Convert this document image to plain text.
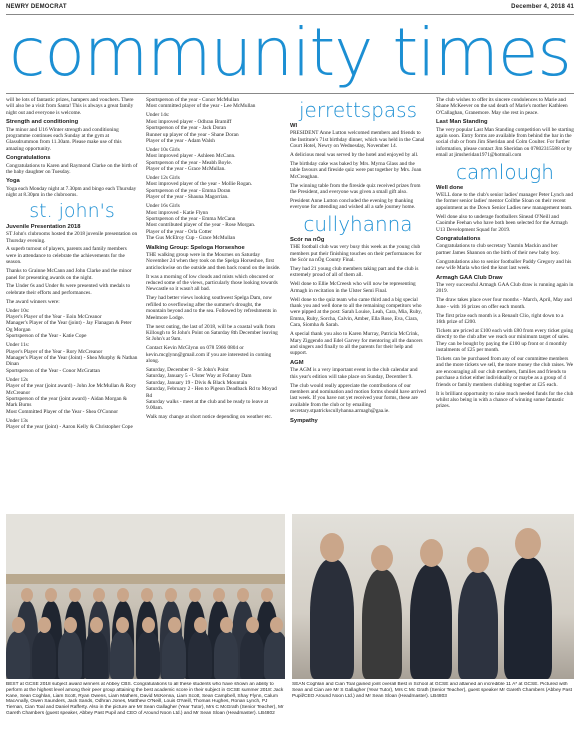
NEWRY DEMOCRAT	December 4, 2018 41
community times

will be lots of fantastic prizes, hampers and vouchers. There will also be a visit from Santa! This is always a great family night out and everyone is welcome.

Strength and conditioning

The minor and U16 Winter strength and conditioning programme continues each Sunday at the gym at Glassdrummon from 11.30am. Please make use of this amazing opportunity.

Congratulations

Congratulations to Karen and Raymond Clarke on the birth of the baby daughter on Tuesday.

Yoga

Yoga each Monday night at 7.30pm and bingo each Thursday night at 8.30pm in the clubrooms.

st. john's
Juvenile Presentation 2018

ST John's clubrooms hosted the 2018 juvenile presentation on Thursday evening.

A superb turnout of players, parents and family members were in attendance to celebrate the achievements for the season.

Thanks to Grainne McCann and John Clarke and the minor panel for presenting awards on the night.

The Under 6s and Under 8s were presented with medals to celebrate their efforts and performances.

The award winners were:

Under 10s:
Player's Player of the Year - Eoin McCreanor
Manager's Player of the Year (joint) - Jay Flanagan & Peter Og Morgan
Sportsperson of the Year - Katie Cope

Under 11s:
Player's Player of the Year - Rory McCreanor
Manager's Player of the Year (Joint) - Shea Murphy & Nathan Dinan
Sportsperson of the Year - Conor McGrattan

Under 12s
Player of the year (joint award) - John Joe McMullan & Rory McCreanor
Sportsperson of the year (joint award) - Aidan Morgan & Mark Burns
Most Committed Player of the Year - Shea O'Connor

Under 13s
Player of the year (joint) - Aaron Kelly & Christopher Cope

Sportsperson of the year - Conor McMullan
Most committed player of the year - Lee McMullan

Under 14s:
Most improved player - Odhran Bramiff
Sportsperson of the year - Jack Doran
Runner up player of the year - Shane Doran
Player of the year - Adam Walsh

Under 10s Girls
Most improved player - Ashleen McCann.
Sportsperson of the year - Meabh Boyle.
Player of the year - Grace McMullan.

Under 12s Girls
Most improved player of the year - Mollie Rogan.
Sportsperson of the year - Emma Doran
Player of the year - Shauna Magorrian.

Under 16s Girls
Most improved - Katie Flynn
Sportsperson of the year - Emma McCann
Most contributed player of the year - Rose Morgan.
Player of the year - Orla Cotter
The Gus McElroy Cup - Grace McMullan

Walking Group: Speloga Horseshoe

THE walking group were in the Mournes on Saturday November 24 when they took on the Spelga Horseshoe, first anticlockwise on the outside and then back round on the inside.

It was a morning of low clouds and mists which obscured or reduced some of the views, particularly those looking towards Newcastle so it wasn't all bad.

They had better views looking southwest Spelga Dam, now refilled to overflowing after the summer's drought, the mountain beyond and to the sea. Followed by refreshments in Meelmore Lodge.

The next outing, the last of 2018, will be a coastal walk from Killough to St John's Point on Saturday 8th December leaving St John's at 9am.

Contact Kevin McGlynn on 078 5966 0804 or kevin.mcglynn@gmail.com if you are interested in coming along.

Saturday, December 8 - St John's Point
Saturday, January 5 - Ulster Way at Fofanny Dam
Saturday, January 19 - Divis & Black Mountain
Saturday, February 2 - Hen to Pigeon Deadback Rd to Moyad Rd
Saturday walks - meet at the club and be ready to leave at 9.00am.

Walk may change at short notice depending on weather etc.

jerrettspass
WI

PRESIDENT Anne Lutton welcomed members and friends to the Institute's 71st birthday dinner, which was held in the Canal Court Hotel, Newry on Wednesday, November 14.

A delicious meal was served by the hotel and enjoyed by all.

The birthday cake was baked by Mrs. Myrna Glass and the table favours and fireside quiz were put together by Mrs. Joan McCreaghan.

The winning table from the fireside quiz received prizes from the President, and everyone was given a small gift also.

President Anne Lutton concluded the evening by thanking everyone for attending and wished all a safe journey home.

cullyhanna
Scór na nÓg

THE football club was very busy this week as the young club members put their finishing touches on their performances for the Scór na nÓg County Final.

They had 21 young club members taking part and the club is extremely proud of all of them all.

Well done to Ellie McCreesh who will now be representing Armagh in recitation in the Ulster Semi Final.

Well done to the quiz team who came third and a big special thank you and well done to all the remaining competitors who were pipped at the post: Sarah Louise, Leah, Cara, Mia, Ruby, Emma, Ruby, Sorcha, Calvin, Amber, Ella Rose, Eva, Ciara, Cara, Siomha & Sarah.

A special thank you also to Karen Murray, Patricia McCrink, Mary Ziggendo and Edel Garvey for mentoring all the dancers and singers and finally to all the parents for their help and support.

AGM

The AGM is a very important event in the club calendar and this year's edition will take place on Sunday, December 9.

The club would really appreciate the contributions of our members and nomination and motion forms should have arrived last week. If you have not yet received your forms, these are available from the club or by emailing secretary.stpatrickscullyhanna.armagh@gaa.ie.

Sympathy

The club wishes to offer its sincere condolences to Marie and Shane McKeever on the sad death of Marie's mother Kathleen O'Callaghan, Granemore. May she rest in peace.

Last Man Standing

The very popular Last Man Standing competition will be starting again soon. Entry forms are available from behind the bar in the social club or from Jim Sheridan and Colm Coulter. For further information, please contact Jim Sheridan on 07802315588 or by email at jimsheridan1971@hotmail.com

camlough
Well done

WELL done to the club's senior ladies' manager Peter Lynch and the former senior ladies' mentor Coilthe Sloan on their recent appointment as the Down Senior Ladies new management team.

Well done also to underage footballers Sinead O'Neill and Caoimhe Feehan who have both been selected for the Armagh U13 Development Squad for 2019.

Congratulations

Congratulations to club secretary Yasmin Mackin and her partner James Shannon on the birth of their new baby boy.

Congratulations also to senior footballer Paddy Gregory and his new wife Maria who tied the knot last week.

Armagh GAA Club Draw

The very successful Armagh GAA Club draw is running again in 2019.

The draw takes place over four months - March, April, May and June - with 16 prizes on offer each month.

The first prize each month is a Renault Clio, right down to a 16th prize of £200.

Tickets are priced at £100 each with £80 from every ticket going directly to the club after we reach our minimum target of sales. They can be bought by paying the £100 up front or 4 monthly instalments of £25 per month.

Tickets can be purchased from any of our committee members and the more tickets we sell, the more money the club raises. We are encouraging all our club members, families and friends to purchase a ticket either individually or maybe as a group of 4 friends or family members clubbing together at £25 each.

It is brilliant opportunity to raise much needed funds for the club whilst also being in with a chance of winning some fantastic prizes.

BEST at GCSE 2018 subject award winners at Abbey CBS. Congratulations to all these students who have shown an ability to perform at the highest level among their peer group attaining the best academic score in their subject in GCSE summer 2018: Jack Kane, Sean Coghlan, Liam Scott, Ryan Owens, Liam Mathers, David McKenna, Liam Scott, Sean Campbell, Shay Flynn, Calum MacAnally, Owen Saunders, Jack Sands, Odhran Jones, Matthew O'Neill, Louis O'Neill, Thomas Hughes, Ronan Lynch, PJ Tiernan, Cian Toal and Daniel Rafferty. Also in the picture are Mr Sean Gallagher (Year Tutor), Mrs C McGrath (Senior Teacher), Mr Gareth Chambers (guest speaker, Abbey Past Pupil and CEO of Around Noon Ltd.) and Mr Sean Sloan (Headmaster). LB4802
SEAN Coghlan and Cian Toal gained joint overall Best in School at GCSE and attained an incredible 11 A* at GCSE. Pictured with Sean and Cian are Mr S Gallagher (Year Tutor), Mrs C Mc Grath (Senior Teacher), guest speaker Mr Gareth Chambers (Abbey Past Pupil/CEO Around Noon Ltd.) and Mr Sean Sloan (Headmaster). LB4803
